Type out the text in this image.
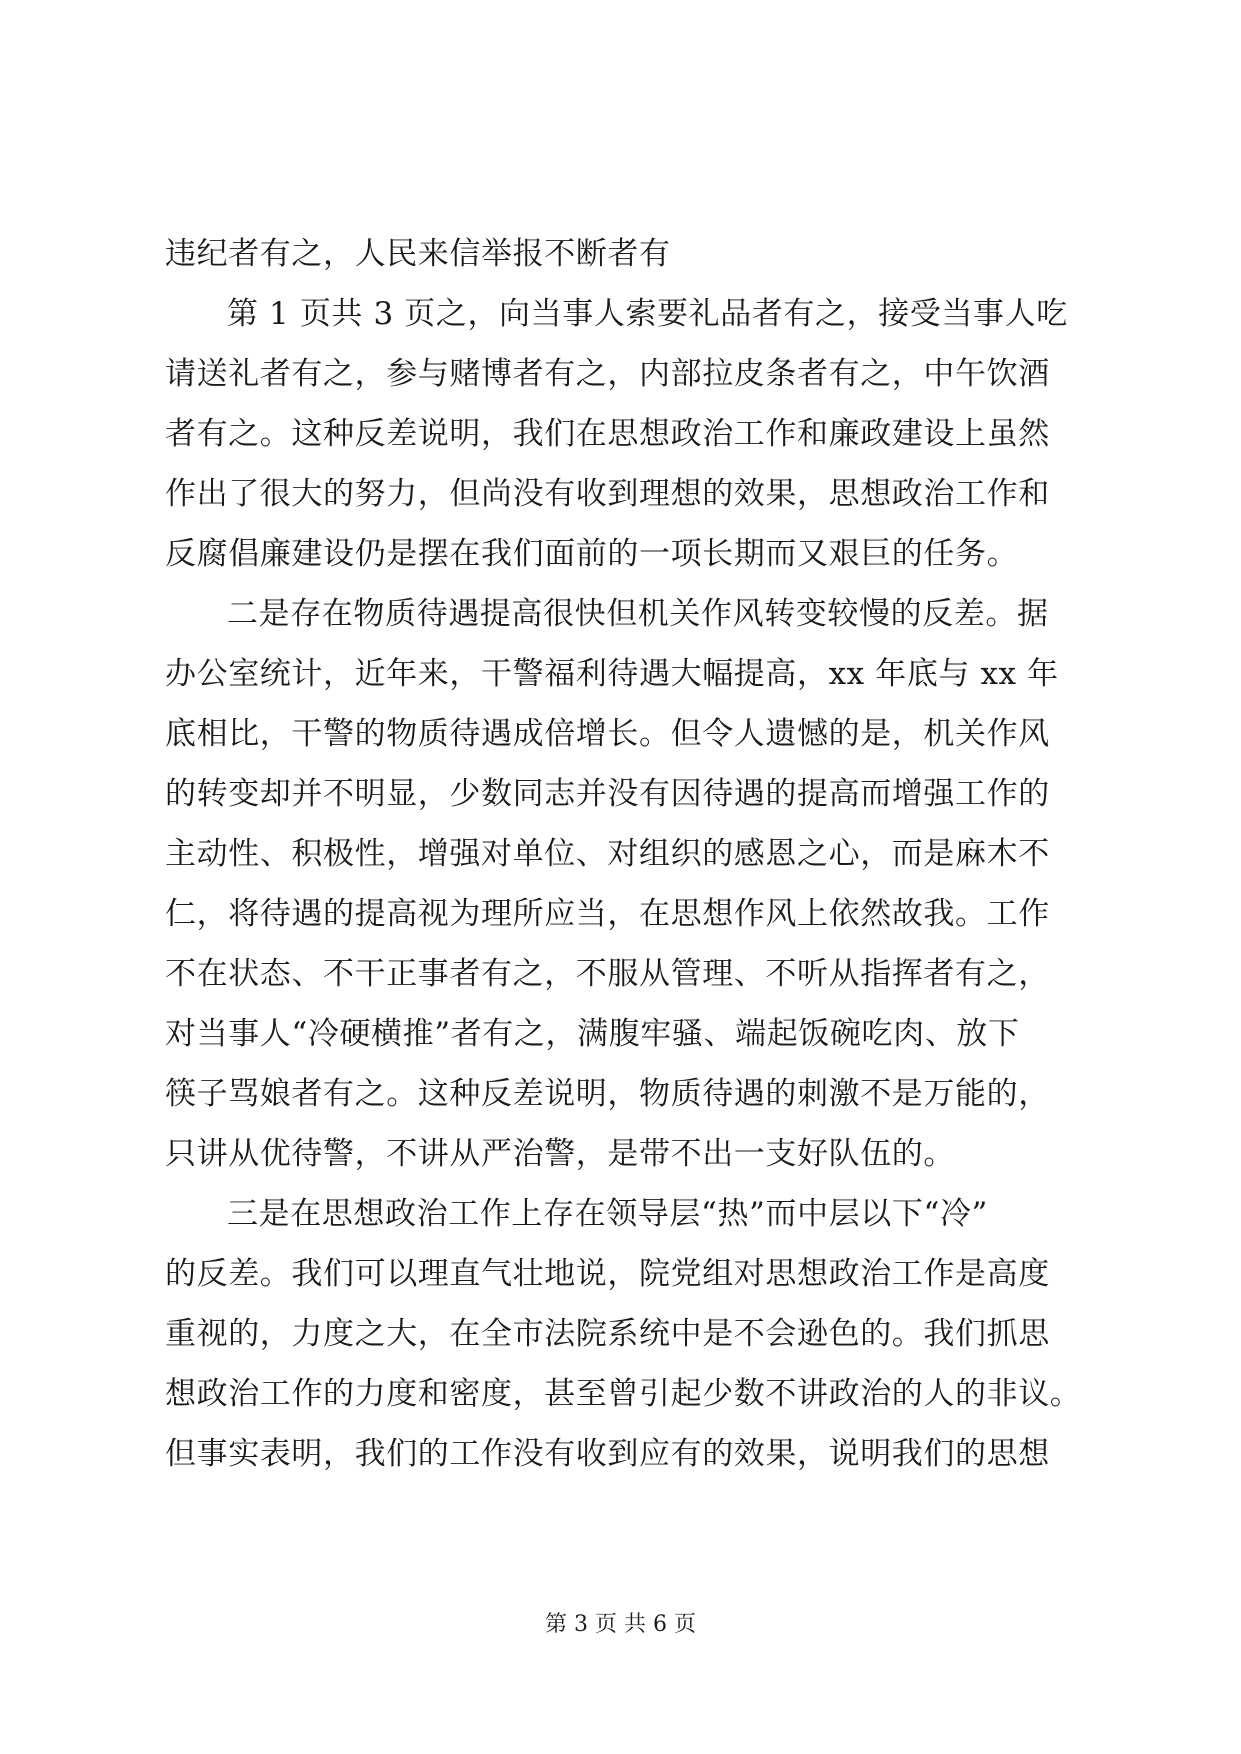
违纪者有之，人民来信举报不断者有
第 1 页共 3 页之，向当事人索要礼品者有之，接受当事人吃
请送礼者有之，参与赌博者有之，内部拉皮条者有之，中午饮酒
者有之。这种反差说明，我们在思想政治工作和廉政建设上虽然
作出了很大的努力，但尚没有收到理想的效果，思想政治工作和
反腐倡廉建设仍是摆在我们面前的一项长期而又艰巨的任务。
二是存在物质待遇提高很快但机关作风转变较慢的反差。据
办公室统计，近年来，干警福利待遇大幅提高，xx 年底与 xx 年
底相比，干警的物质待遇成倍增长。但令人遗憾的是，机关作风
的转变却并不明显，少数同志并没有因待遇的提高而增强工作的
主动性、积极性，增强对单位、对组织的感恩之心，而是麻木不
仁，将待遇的提高视为理所应当，在思想作风上依然故我。工作
不在状态、不干正事者有之，不服从管理、不听从指挥者有之，
对当事人“冷硬横推”者有之，满腹牢骚、端起饭碗吃肉、放下
筷子骂娘者有之。这种反差说明，物质待遇的刺激不是万能的，
只讲从优待警，不讲从严治警，是带不出一支好队伍的。
三是在思想政治工作上存在领导层“热”而中层以下“冷”
的反差。我们可以理直气壮地说，院党组对思想政治工作是高度
重视的，力度之大，在全市法院系统中是不会逊色的。我们抓思
想政治工作的力度和密度，甚至曾引起少数不讲政治的人的非议。
但事实表明，我们的工作没有收到应有的效果，说明我们的思想
第 3 页 共 6 页
